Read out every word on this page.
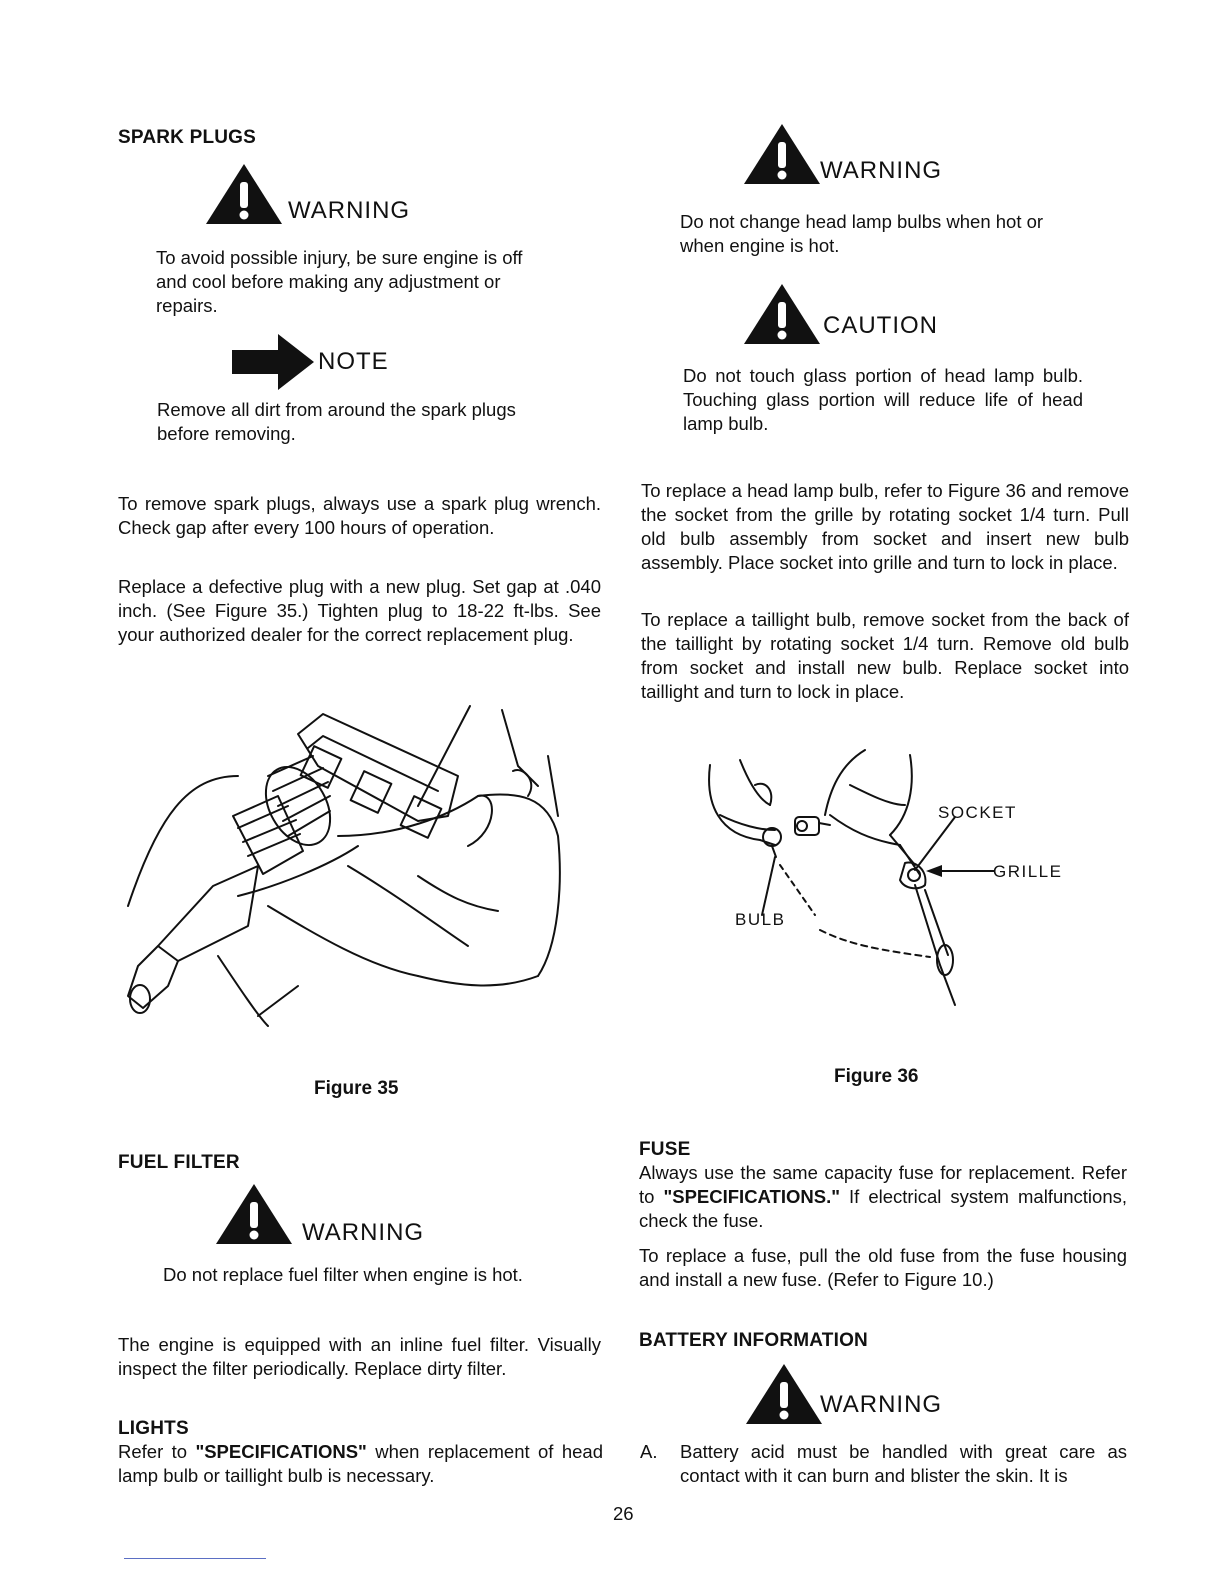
SPARK PLUGS
WARNING

To avoid possible injury, be sure engine is off and cool before making any adjustment or repairs.

NOTE

Remove all dirt from around the spark plugs before removing.

To remove spark plugs, always use a spark plug wrench. Check gap after every 100 hours of operation.

Replace a defective plug with a new plug. Set gap at .040 inch. (See Figure 35.) Tighten plug to 18-22 ft-lbs. See your authorized dealer for the correct replacement plug.

Figure 35
FUEL FILTER
WARNING

Do not replace fuel filter when engine is hot.

The engine is equipped with an inline fuel filter. Visually inspect the filter periodically. Replace dirty filter.

LIGHTS

Refer to "SPECIFICATIONS" when replacement of head lamp bulb or taillight bulb is necessary.

WARNING

Do not change head lamp bulbs when hot or when engine is hot.

CAUTION

Do not touch glass portion of head lamp bulb. Touching glass portion will reduce life of head lamp bulb.

To replace a head lamp bulb, refer to Figure 36 and remove the socket from the grille by rotating socket 1/4 turn. Pull old bulb assembly from socket and insert new bulb assembly. Place socket into grille and turn to lock in place.

To replace a taillight bulb, remove socket from the back of the taillight by rotating socket 1/4 turn. Remove old bulb from socket and install new bulb. Replace socket into taillight and turn to lock in place.

SOCKET
GRILLE
BULB
Figure 36
FUSE

Always use the same capacity fuse for replacement. Refer to "SPECIFICATIONS." If electrical system malfunctions, check the fuse.

To replace a fuse, pull the old fuse from the fuse housing and install a new fuse. (Refer to Figure 10.)

BATTERY INFORMATION
WARNING
A. Battery acid must be handled with great care as contact with it can burn and blister the skin. It is

26
